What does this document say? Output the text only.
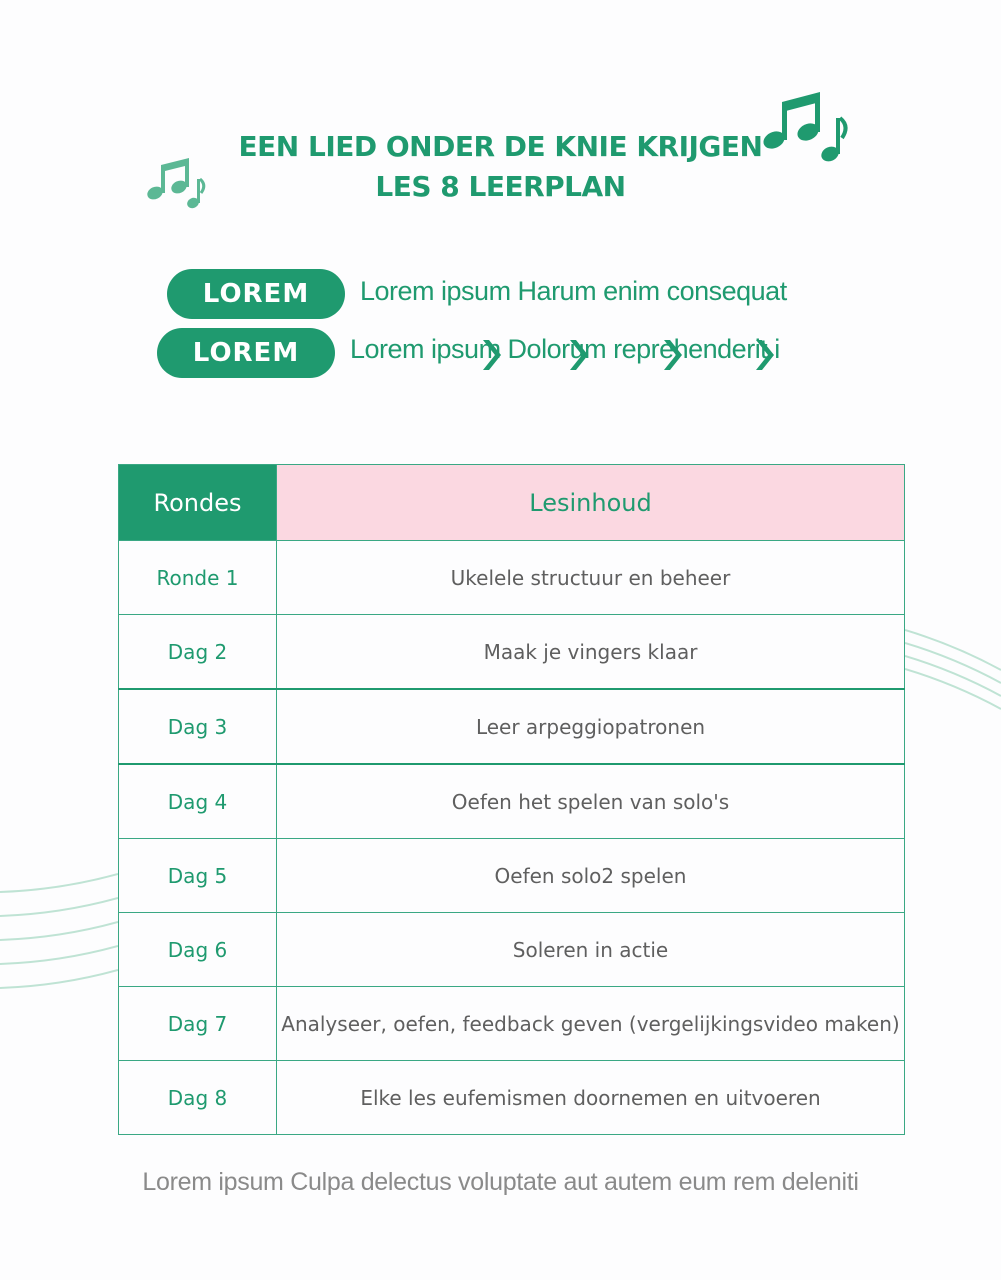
EEN LIED ONDER DE KNIE KRIJGEN
LES 8 LEERPLAN
LOREM	Lorem ipsum Harum enim consequat
LOREM	Lorem ipsum Dolorum reprehenderit i
Rondes	Lesinhoud
Ronde 1	Ukelele structuur en beheer
Dag 2	Maak je vingers klaar
Dag 3	Leer arpeggiopatronen
Dag 4	Oefen het spelen van solo's
Dag 5	Oefen solo2 spelen
Dag 6	Soleren in actie
Dag 7	Analyseer, oefen, feedback geven (vergelijkingsvideo maken)
Dag 8	Elke les eufemismen doornemen en uitvoeren
Lorem ipsum Culpa delectus voluptate aut autem eum rem deleniti
